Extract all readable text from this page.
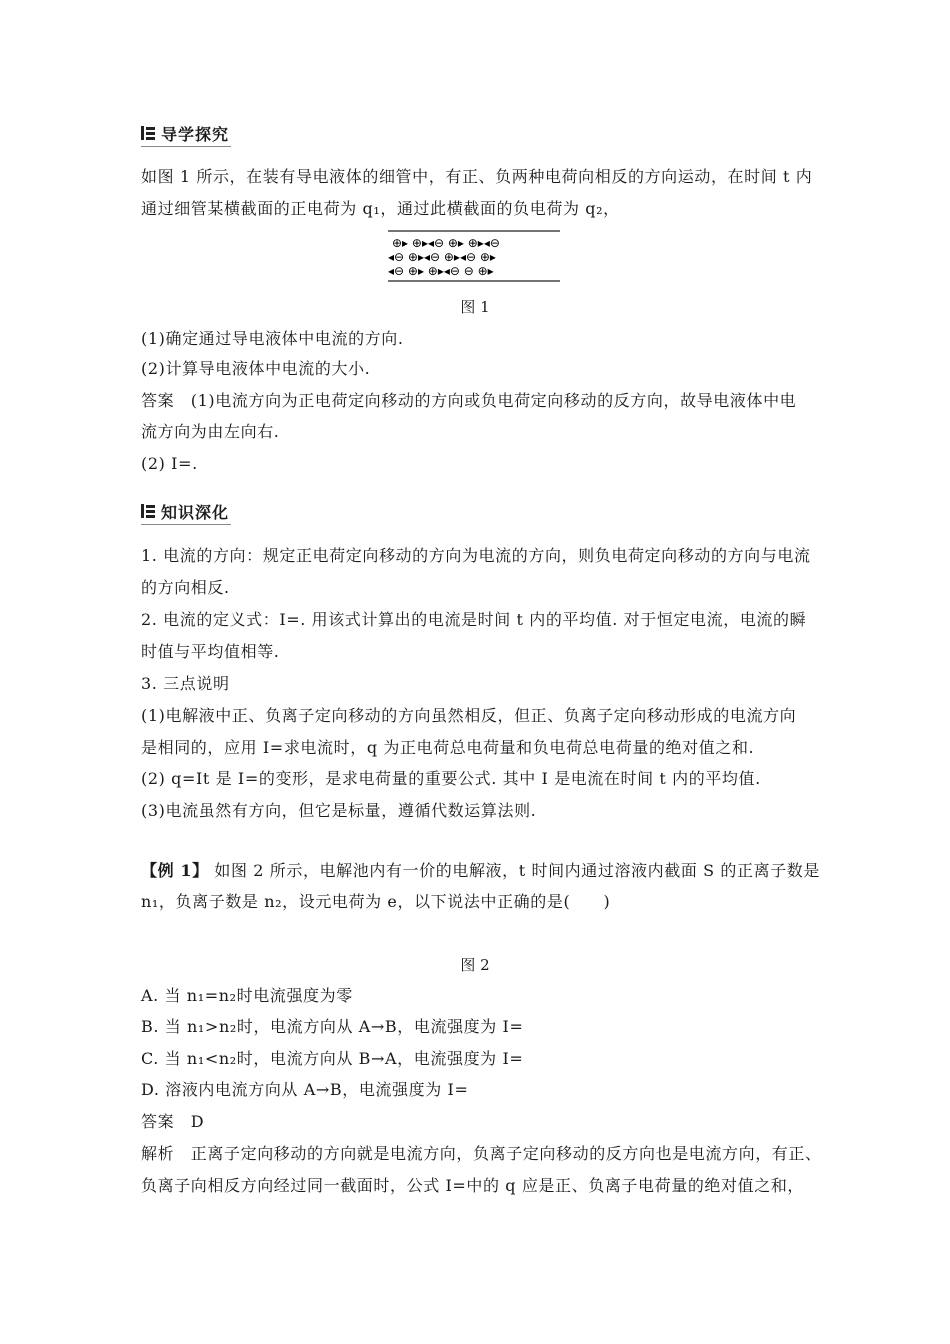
导学探究
如图 1 所示，在装有导电液体的细管中，有正、负两种电荷向相反的方向运动，在时间 t 内
通过细管某横截面的正电荷为 q₁，通过此横截面的负电荷为 q₂，
⊕▸ ⊕▸◂⊖ ⊕▸ ⊕▸◂⊖
◂⊖ ⊕▸◂⊖ ⊕▸◂⊖ ⊕▸
◂⊖ ⊕▸ ⊕▸◂⊖ ⊖ ⊕▸
图 1
(1)确定通过导电液体中电流的方向.
(2)计算导电液体中电流的大小.
答案　(1)电流方向为正电荷定向移动的方向或负电荷定向移动的反方向，故导电液体中电
流方向为由左向右.
(2) I=.
知识深化
1. 电流的方向：规定正电荷定向移动的方向为电流的方向，则负电荷定向移动的方向与电流
的方向相反.
2. 电流的定义式：I=. 用该式计算出的电流是时间 t 内的平均值. 对于恒定电流，电流的瞬
时值与平均值相等.
3. 三点说明
(1)电解液中正、负离子定向移动的方向虽然相反，但正、负离子定向移动形成的电流方向
是相同的，应用 I=求电流时，q 为正电荷总电荷量和负电荷总电荷量的绝对值之和.
(2) q=It 是 I=的变形，是求电荷量的重要公式. 其中 I 是电流在时间 t 内的平均值.
(3)电流虽然有方向，但它是标量，遵循代数运算法则.
【例 1】 如图 2 所示，电解池内有一价的电解液，t 时间内通过溶液内截面 S 的正离子数是
n₁，负离子数是 n₂，设元电荷为 e，以下说法中正确的是(　　)
图 2
A. 当 n₁=n₂时电流强度为零
B. 当 n₁>n₂时，电流方向从 A→B，电流强度为 I=
C. 当 n₁<n₂时，电流方向从 B→A，电流强度为 I=
D. 溶液内电流方向从 A→B，电流强度为 I=
答案　D
解析　正离子定向移动的方向就是电流方向，负离子定向移动的反方向也是电流方向，有正、
负离子向相反方向经过同一截面时，公式 I=中的 q 应是正、负离子电荷量的绝对值之和，
